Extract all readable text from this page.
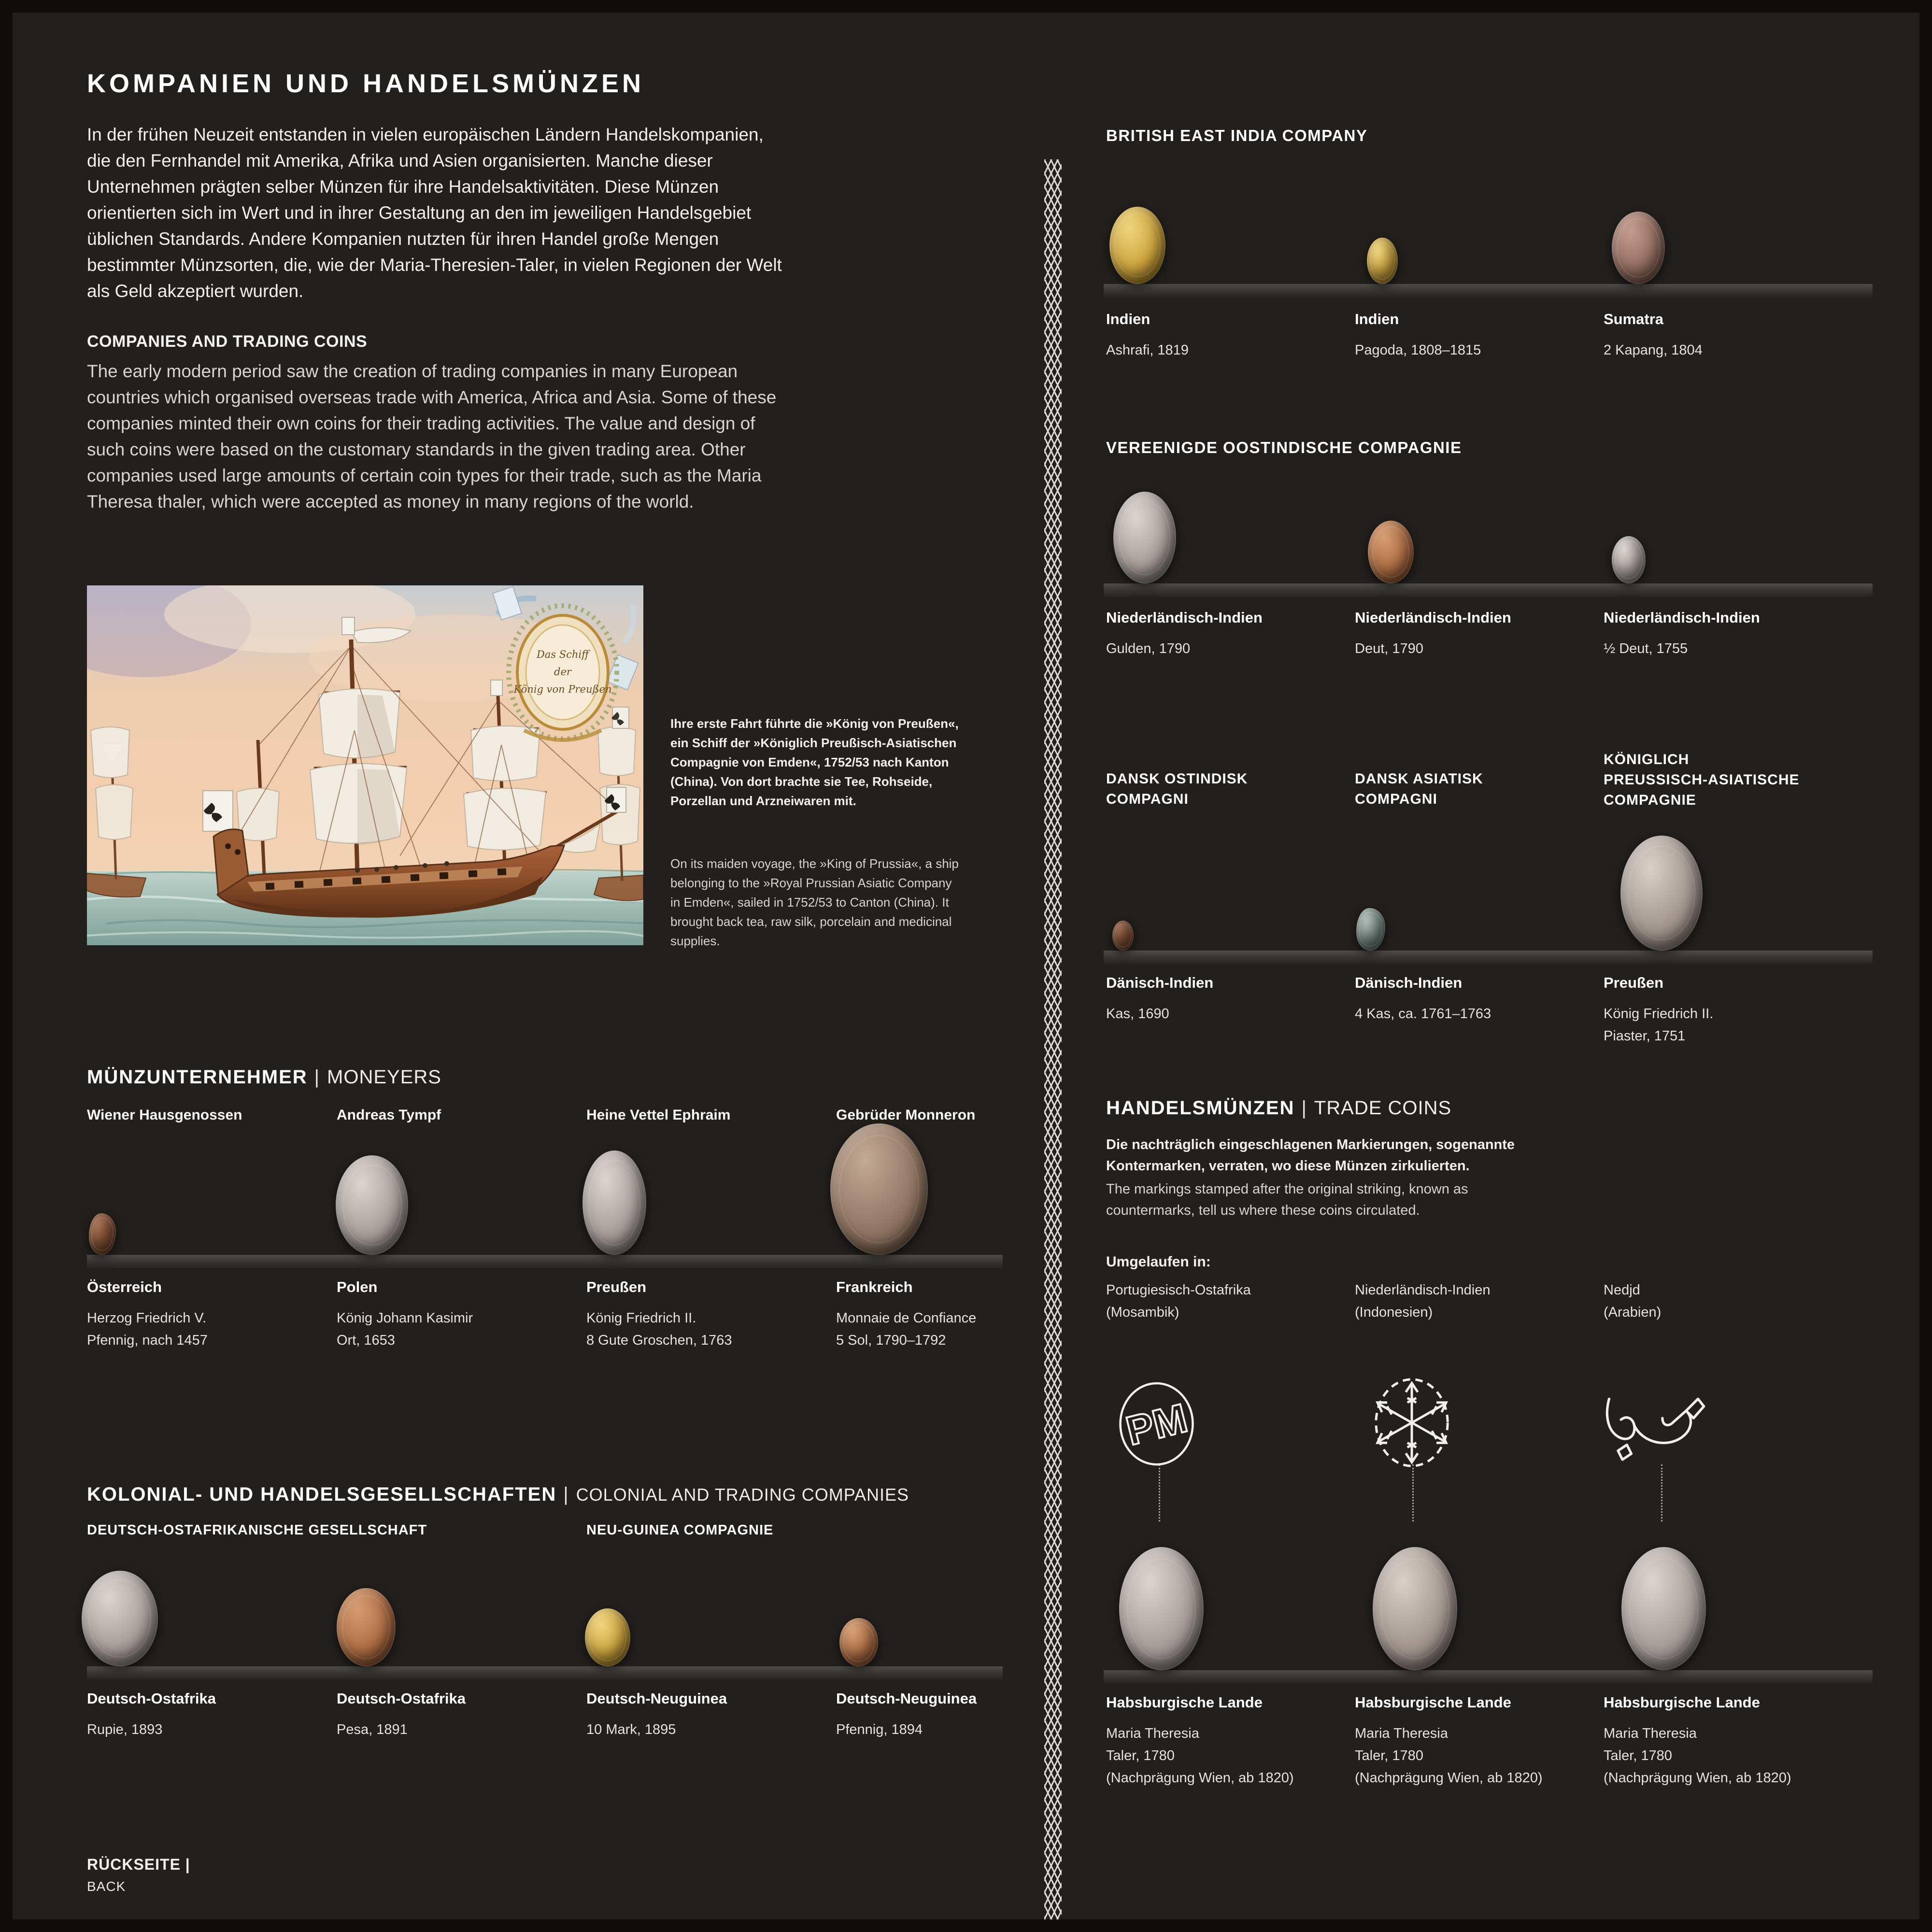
KOMPANIEN UND HANDELSMÜNZEN
In der frühen Neuzeit entstanden in vielen europäischen Ländern Handelskompanien, die den Fernhandel mit Amerika, Afrika und Asien organisierten. Manche dieser Unternehmen prägten selber Münzen für ihre Handelsaktivitäten. Diese Münzen orientierten sich im Wert und in ihrer Gestaltung an den im jeweiligen Handelsgebiet üblichen Standards. Andere Kompanien nutzten für ihren Handel große Mengen bestimmter Münzsorten, die, wie der Maria-Theresien-Taler, in vielen Regionen der Welt als Geld akzeptiert wurden.
COMPANIES AND TRADING COINS
The early modern period saw the creation of trading companies in many European countries which organised overseas trade with America, Africa and Asia. Some of these companies minted their own coins for their trading activities. The value and design of such coins were based on the customary standards in the given trading area. Other companies used large amounts of certain coin types for their trade, such as the Maria Theresa thaler, which were accepted as money in many regions of the world.
Das Schiff
der
König von Preußen
Ihre erste Fahrt führte die »König von Preußen«, ein Schiff der »Königlich Preußisch-Asiatischen Compagnie von Emden«, 1752/53 nach Kanton (China). Von dort brachte sie Tee, Rohseide, Porzellan und Arzneiwaren mit.
On its maiden voyage, the »King of Prussia«, a ship belonging to the »Royal Prussian Asiatic Company in Emden«, sailed in 1752/53 to Canton (China). It brought back tea, raw silk, porcelain and medicinal supplies.
MÜNZUNTERNEHMER | MONEYERS
Wiener Hausgenossen	Andreas Tympf	Heine Vettel Ephraim	Gebrüder Monneron
Österreich
Herzog Friedrich V.
Pfennig, nach 1457
Polen
König Johann Kasimir
Ort, 1653
Preußen
König Friedrich II.
8 Gute Groschen, 1763
Frankreich
Monnaie de Confiance
5 Sol, 1790–1792
KOLONIAL- UND HANDELSGESELLSCHAFTEN | COLONIAL AND TRADING COMPANIES
DEUTSCH-OSTAFRIKANISCHE GESELLSCHAFT	NEU-GUINEA COMPAGNIE
Deutsch-Ostafrika
Rupie, 1893
Deutsch-Ostafrika
Pesa, 1891
Deutsch-Neuguinea
10 Mark, 1895
Deutsch-Neuguinea
Pfennig, 1894
RÜCKSEITE |
BACK
BRITISH EAST INDIA COMPANY
Indien
Ashrafi, 1819
Indien
Pagoda, 1808–1815
Sumatra
2 Kapang, 1804
VEREENIGDE OOSTINDISCHE COMPAGNIE
Niederländisch-Indien
Gulden, 1790
Niederländisch-Indien
Deut, 1790
Niederländisch-Indien
½ Deut, 1755
DANSK OSTINDISK
COMPAGNI
DANSK ASIATISK
COMPAGNI
KÖNIGLICH
PREUSSISCH-ASIATISCHE
COMPAGNIE
Dänisch-Indien
Kas, 1690
Dänisch-Indien
4 Kas, ca. 1761–1763
Preußen
König Friedrich II.
Piaster, 1751
HANDELSMÜNZEN | TRADE COINS
Die nachträglich eingeschlagenen Markierungen, sogenannte Kontermarken, verraten, wo diese Münzen zirkulierten.
The markings stamped after the original striking, known as countermarks, tell us where these coins circulated.
Umgelaufen in:
Portugiesisch-Ostafrika
(Mosambik)
Niederländisch-Indien
(Indonesien)
Nedjd
(Arabien)
PM
Habsburgische Lande
Maria Theresia
Taler, 1780
(Nachprägung Wien, ab 1820)
Habsburgische Lande
Maria Theresia
Taler, 1780
(Nachprägung Wien, ab 1820)
Habsburgische Lande
Maria Theresia
Taler, 1780
(Nachprägung Wien, ab 1820)
